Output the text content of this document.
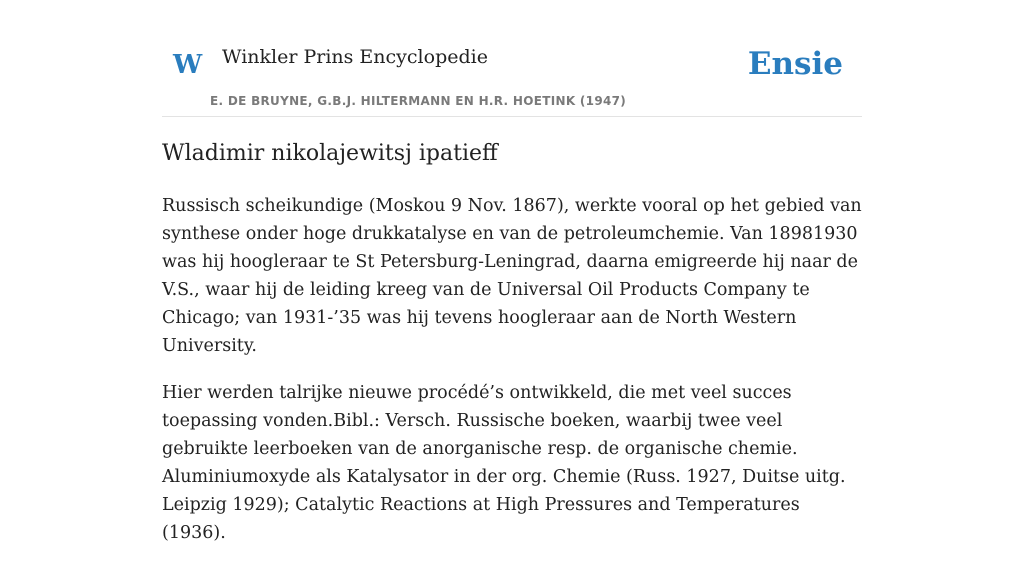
W Winkler Prins Encyclopedie
E. DE BRUYNE, G.B.J. HILTERMANN EN H.R. HOETINK (1947)
Ensie
Wladimir nikolajewitsj ipatieff

Russisch scheikundige (Moskou 9 Nov. 1867), werkte vooral op het gebied van synthese onder hoge drukkatalyse en van de petroleumchemie. Van 18981930 was hij hoogleraar te St Petersburg-Leningrad, daarna emigreerde hij naar de V.S., waar hij de leiding kreeg van de Universal Oil Products Company te Chicago; van 1931-’35 was hij tevens hoogleraar aan de North Western University.

Hier werden talrijke nieuwe procédé’s ontwikkeld, die met veel succes toepassing vonden.Bibl.: Versch. Russische boeken, waarbij twee veel gebruikte leerboeken van de anorganische resp. de organische chemie. Aluminiumoxyde als Katalysator in der org. Chemie (Russ. 1927, Duitse uitg. Leipzig 1929); Catalytic Reactions at High Pressures and Temperatures (1936).
